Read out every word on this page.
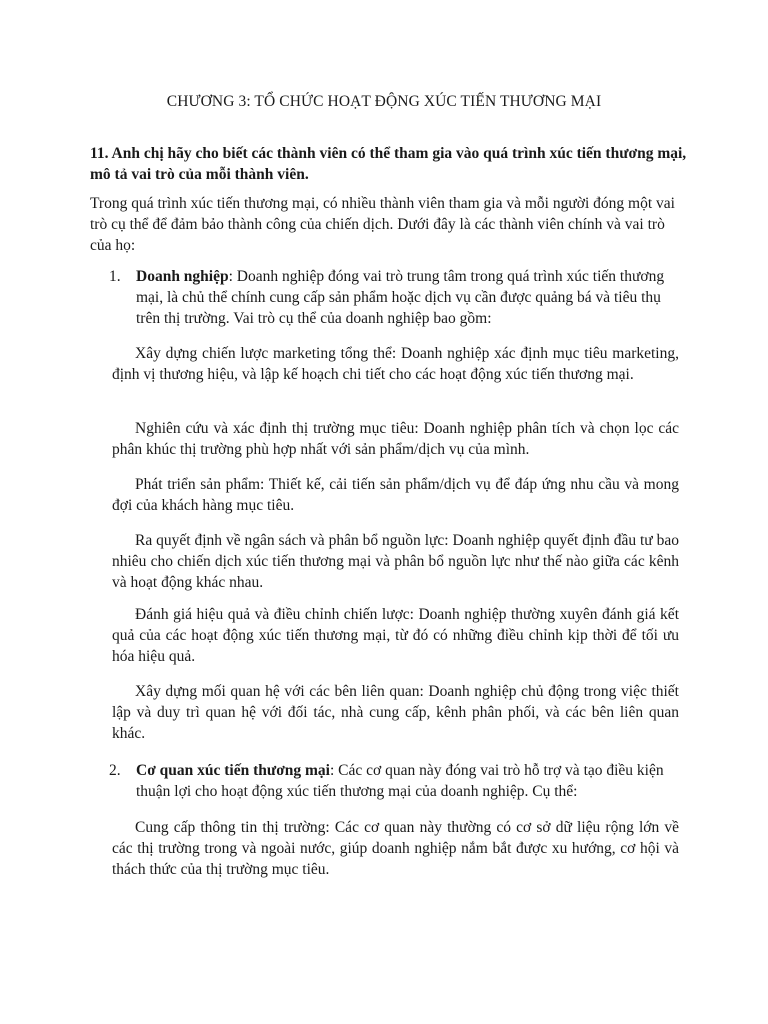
CHƯƠNG 3: TỔ CHỨC HOẠT ĐỘNG XÚC TIẾN THƯƠNG MẠI

11. Anh chị hãy cho biết các thành viên có thể tham gia vào quá trình xúc tiến thương mại, mô tả vai trò của mỗi thành viên.

Trong quá trình xúc tiến thương mại, có nhiều thành viên tham gia và mỗi người đóng một vai trò cụ thể để đảm bảo thành công của chiến dịch. Dưới đây là các thành viên chính và vai trò của họ:

1. Doanh nghiệp: Doanh nghiệp đóng vai trò trung tâm trong quá trình xúc tiến thương mại, là chủ thể chính cung cấp sản phẩm hoặc dịch vụ cần được quảng bá và tiêu thụ trên thị trường. Vai trò cụ thể của doanh nghiệp bao gồm:

Xây dựng chiến lược marketing tổng thể: Doanh nghiệp xác định mục tiêu marketing, định vị thương hiệu, và lập kế hoạch chi tiết cho các hoạt động xúc tiến thương mại.

Nghiên cứu và xác định thị trường mục tiêu: Doanh nghiệp phân tích và chọn lọc các phân khúc thị trường phù hợp nhất với sản phẩm/dịch vụ của mình.

Phát triển sản phẩm: Thiết kế, cải tiến sản phẩm/dịch vụ để đáp ứng nhu cầu và mong đợi của khách hàng mục tiêu.

Ra quyết định về ngân sách và phân bổ nguồn lực: Doanh nghiệp quyết định đầu tư bao nhiêu cho chiến dịch xúc tiến thương mại và phân bổ nguồn lực như thế nào giữa các kênh và hoạt động khác nhau.

Đánh giá hiệu quả và điều chỉnh chiến lược: Doanh nghiệp thường xuyên đánh giá kết quả của các hoạt động xúc tiến thương mại, từ đó có những điều chỉnh kịp thời để tối ưu hóa hiệu quả.

Xây dựng mối quan hệ với các bên liên quan: Doanh nghiệp chủ động trong việc thiết lập và duy trì quan hệ với đối tác, nhà cung cấp, kênh phân phối, và các bên liên quan khác.

2. Cơ quan xúc tiến thương mại: Các cơ quan này đóng vai trò hỗ trợ và tạo điều kiện thuận lợi cho hoạt động xúc tiến thương mại của doanh nghiệp. Cụ thể:

Cung cấp thông tin thị trường: Các cơ quan này thường có cơ sở dữ liệu rộng lớn về các thị trường trong và ngoài nước, giúp doanh nghiệp nắm bắt được xu hướng, cơ hội và thách thức của thị trường mục tiêu.
